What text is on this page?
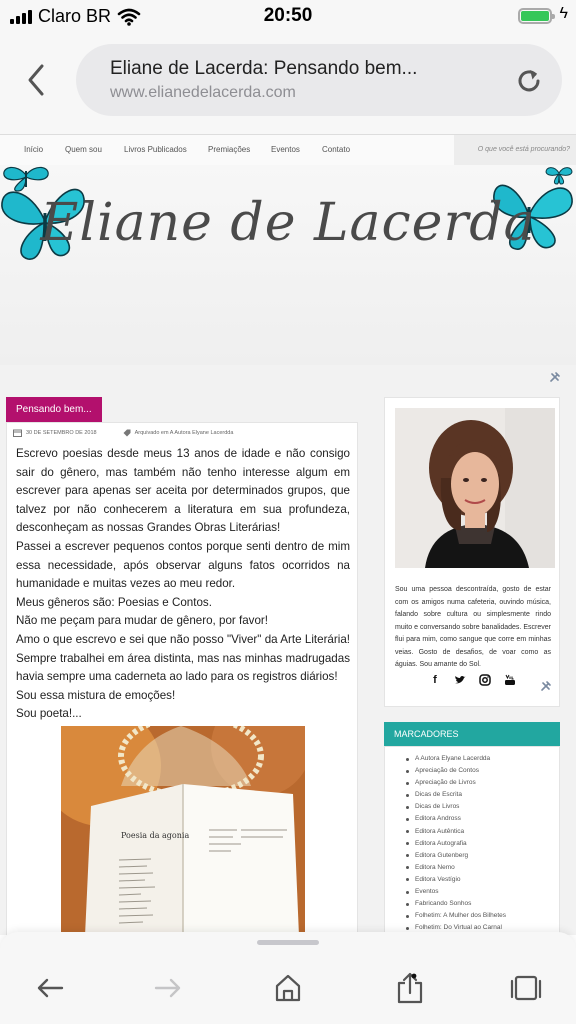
Claro BR	20:50	ϟ
Eliane de Lacerda: Pensando bem...
www.elianedelacerda.com
Início	Quem sou	Livros Publicados	Premiações	Eventos	Contato	O que você está procurando?
Eliane de Lacerda
Pensando bem...
30 DE SETEMBRO DE 2018	Arquivado em A Autora Elyane Lacerdda

Escrevo poesias desde meus 13 anos de idade e não consigo sair do gênero, mas também não tenho interesse algum em escrever para apenas ser aceita por determinados grupos, que talvez por não conhecerem a literatura em sua profundeza, desconheçam as nossas Grandes Obras Literárias!

Passei a escrever pequenos contos porque senti dentro de mim essa necessidade, após observar alguns fatos ocorridos na humanidade e muitas vezes ao meu redor.

Meus gêneros são: Poesias e Contos.

Não me peçam para mudar de gênero, por favor!

Amo o que escrevo e sei que não posso "Viver" da Arte Literária! Sempre trabalhei em área distinta, mas nas minhas madrugadas havia sempre uma caderneta ao lado para os registros diários!

Sou essa mistura de emoções!

Sou poeta!...

Poesia da agonia
Sou uma pessoa descontraída, gosto de estar com os amigos numa cafeteria, ouvindo música, falando sobre cultura ou simplesmente rindo muito e conversando sobre banalidades. Escrever flui para mim, como sangue que corre em minhas veias. Gosto de desafios, de voar como as águias. Sou amante do Sol.
f
MARCADORES
A Autora Elyane Lacerdda
Apreciação de Contos
Apreciação de Livros
Dicas de Escrita
Dicas de Livros
Editora Andross
Editora Autêntica
Editora Autografia
Editora Gutenberg
Editora Nemo
Editora Vestígio
Eventos
Fabricando Sonhos
Folhetim: A Mulher dos Bilhetes
Folhetim: Do Virtual ao Carnal
